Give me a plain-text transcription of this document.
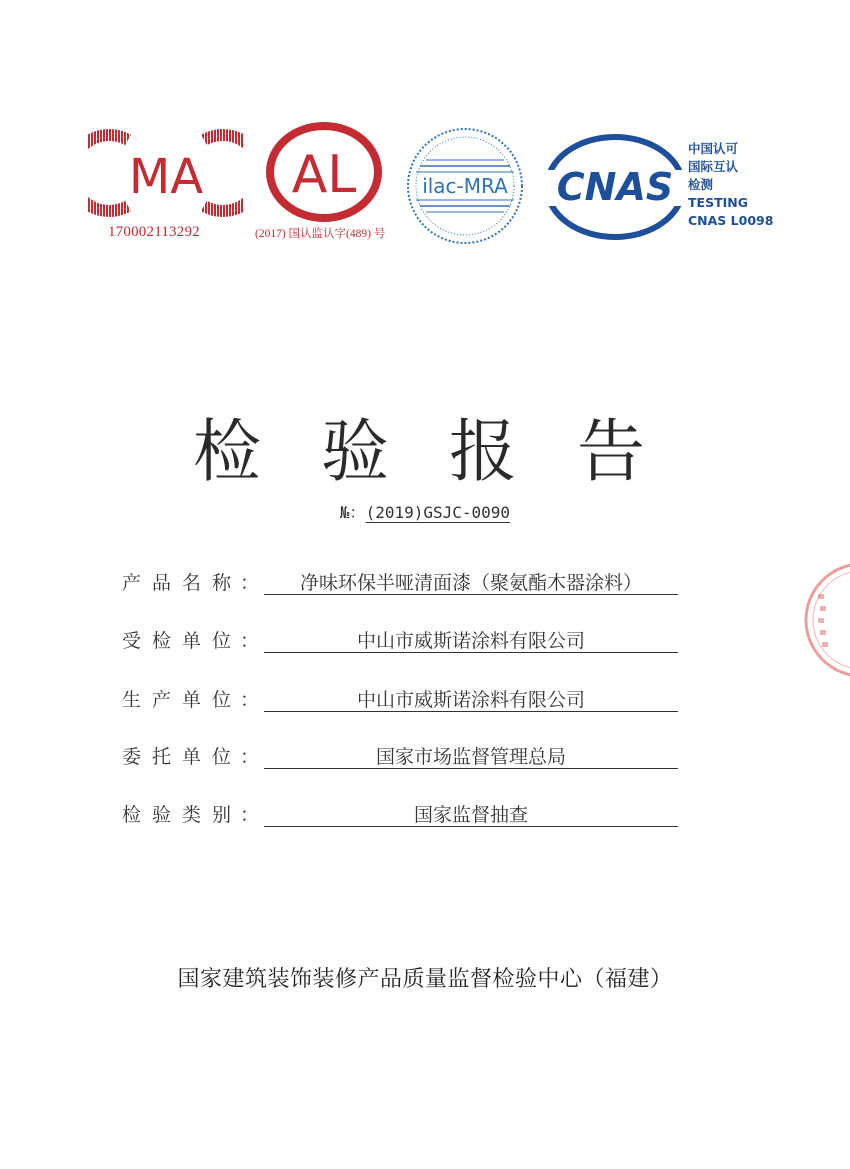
MA
170002113292
AL
(2017) 国认监认字(489) 号
ilac-MRA CNAS
中国认可
国际互认
检测
TESTING
CNAS L0098
检验报告
№：(2019)GSJC-0090
产品名称
：	净味环保半哑清面漆（聚氨酯木器涂料）
受检单位
：	中山市威斯诺涂料有限公司
生产单位
：	中山市威斯诺涂料有限公司
委托单位
：	国家市场监督管理总局
检验类别
：	国家监督抽查
国家建筑装饰装修产品质量监督检验中心（福建）
